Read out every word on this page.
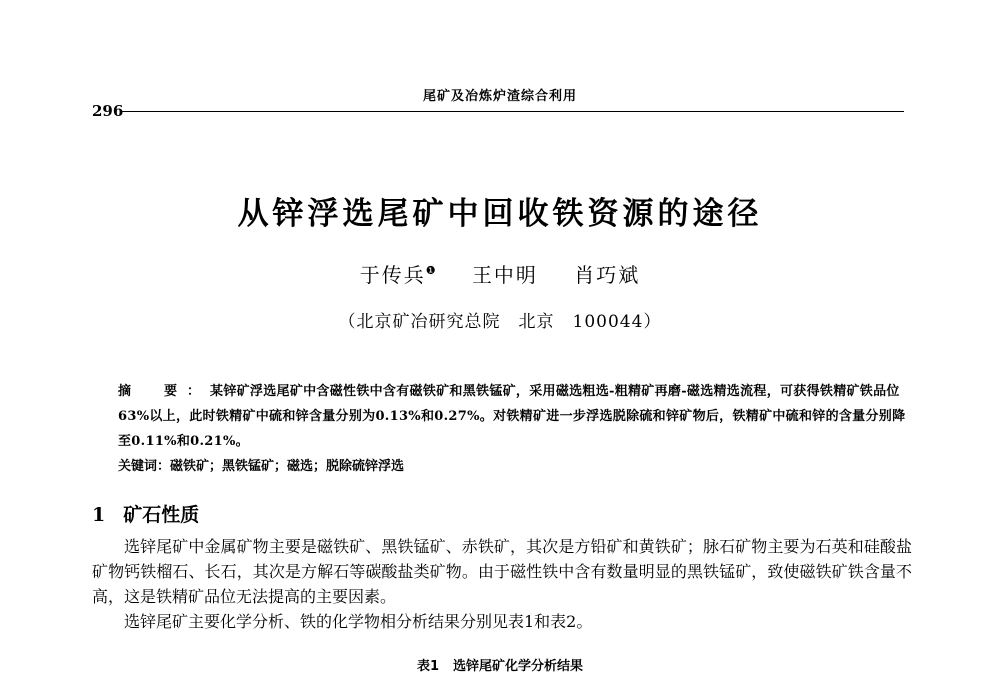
尾矿及冶炼炉渣综合利用
296
从锌浮选尾矿中回收铁资源的途径
于传兵$^❶$ 王中明 肖巧斌
（北京矿冶研究总院　北京　100044）
摘　要：某锌矿浮选尾矿中含磁性铁中含有磁铁矿和黑铁锰矿，采用磁选粗选-粗精矿再磨-磁选精选流程，可获得铁精矿铁品位63%以上，此时铁精矿中硫和锌含量分别为0.13%和0.27%。对铁精矿进一步浮选脱除硫和锌矿物后，铁精矿中硫和锌的含量分别降至0.11%和0.21%。
关键词：磁铁矿；黑铁锰矿；磁选；脱除硫锌浮选
1 矿石性质

选锌尾矿中金属矿物主要是磁铁矿、黑铁锰矿、赤铁矿，其次是方铅矿和黄铁矿；脉石矿物主要为石英和硅酸盐矿物钙铁榴石、长石，其次是方解石等碳酸盐类矿物。由于磁性铁中含有数量明显的黑铁锰矿，致使磁铁矿铁含量不高，这是铁精矿品位无法提高的主要因素。

选锌尾矿主要化学分析、铁的化学物相分析结果分别见表1和表2。

表1 选锌尾矿化学分析结果
